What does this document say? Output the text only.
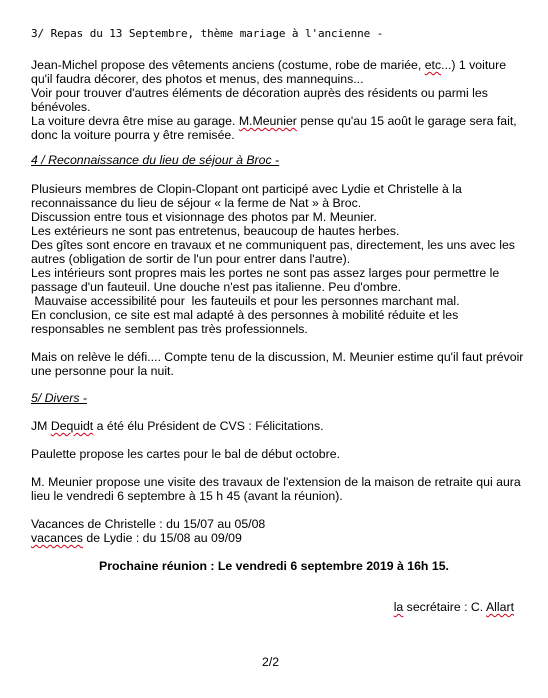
3/ Repas du 13 Septembre, thème mariage à l'ancienne -
Jean-Michel propose des vêtements anciens (costume, robe de mariée, etc...) 1 voiture
qu'il faudra décorer, des photos et menus, des mannequins...
Voir pour trouver d'autres éléments de décoration auprès des résidents ou parmi les
bénévoles.
La voiture devra être mise au garage. M.Meunier pense qu'au 15 août le garage sera fait,
donc la voiture pourra y être remisée.
4 / Reconnaissance du lieu de séjour à Broc -
Plusieurs membres de Clopin-Clopant ont participé avec Lydie et Christelle à la
reconnaissance du lieu de séjour « la ferme de Nat » à Broc.
Discussion entre tous et visionnage des photos par M. Meunier.
Les extérieurs ne sont pas entretenus, beaucoup de hautes herbes.
Des gîtes sont encore en travaux et ne communiquent pas, directement, les uns avec les
autres (obligation de sortir de l'un pour entrer dans l'autre).
Les intérieurs sont propres mais les portes ne sont pas assez larges pour permettre le
passage d'un fauteuil. Une douche n'est pas italienne. Peu d'ombre.
Mauvaise accessibilité pour  les fauteuils et pour les personnes marchant mal.
En conclusion, ce site est mal adapté à des personnes à mobilité réduite et les
responsables ne semblent pas très professionnels.
Mais on relève le défi.... Compte tenu de la discussion, M. Meunier estime qu'il faut prévoir
une personne pour la nuit.
5/ Divers -
JM Dequidt a été élu Président de CVS : Félicitations.
Paulette propose les cartes pour le bal de début octobre.
M. Meunier propose une visite des travaux de l'extension de la maison de retraite qui aura
lieu le vendredi 6 septembre à 15 h 45 (avant la réunion).
Vacances de Christelle : du 15/07 au 05/08
vacances de Lydie : du 15/08 au 09/09
Prochaine réunion : Le vendredi 6 septembre 2019 à 16h 15.
la secrétaire : C. Allart
2/2
